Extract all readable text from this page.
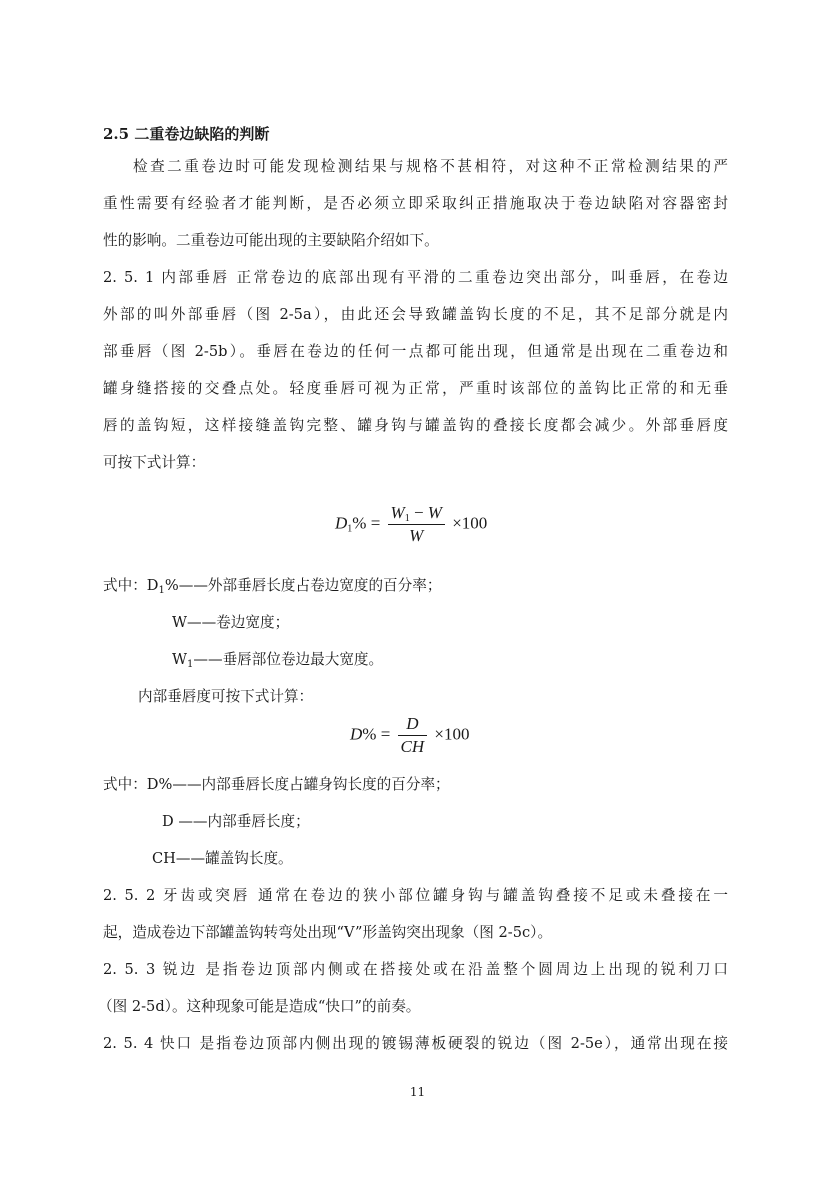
2.5 二重卷边缺陷的判断
检查二重卷边时可能发现检测结果与规格不甚相符，对这种不正常检测结果的严
重性需要有经验者才能判断，是否必须立即采取纠正措施取决于卷边缺陷对容器密封
性的影响。二重卷边可能出现的主要缺陷介绍如下。
2. 5. 1 内部垂唇 正常卷边的底部出现有平滑的二重卷边突出部分，叫垂唇，在卷边
外部的叫外部垂唇（图 2-5a），由此还会导致罐盖钩长度的不足，其不足部分就是内
部垂唇（图 2-5b）。垂唇在卷边的任何一点都可能出现，但通常是出现在二重卷边和
罐身缝搭接的交叠点处。轻度垂唇可视为正常，严重时该部位的盖钩比正常的和无垂
唇的盖钩短，这样接缝盖钩完整、罐身钩与罐盖钩的叠接长度都会减少。外部垂唇度
可按下式计算：
$D_1\% = \frac{W_1 - W}{W} \times 100$
式中：$D_1\%——$外部垂唇长度占卷边宽度的百分率；
W——卷边宽度；
$W_1——$垂唇部位卷边最大宽度。
内部垂唇度可按下式计算：
$D\% = \frac{D}{CH} \times 100$
式中：D%——内部垂唇长度占罐身钩长度的百分率；
D ——内部垂唇长度；
CH——罐盖钩长度。
2. 5. 2 牙齿或突唇 通常在卷边的狭小部位罐身钩与罐盖钩叠接不足或未叠接在一
起，造成卷边下部罐盖钩转弯处出现“V”形盖钩突出现象（图 2-5c）。
2. 5. 3 锐边 是指卷边顶部内侧或在搭接处或在沿盖整个圆周边上出现的锐利刀口
（图 2-5d）。这种现象可能是造成“快口”的前奏。
2. 5. 4 快口 是指卷边顶部内侧出现的镀锡薄板硬裂的锐边（图 2-5e），通常出现在接
11
